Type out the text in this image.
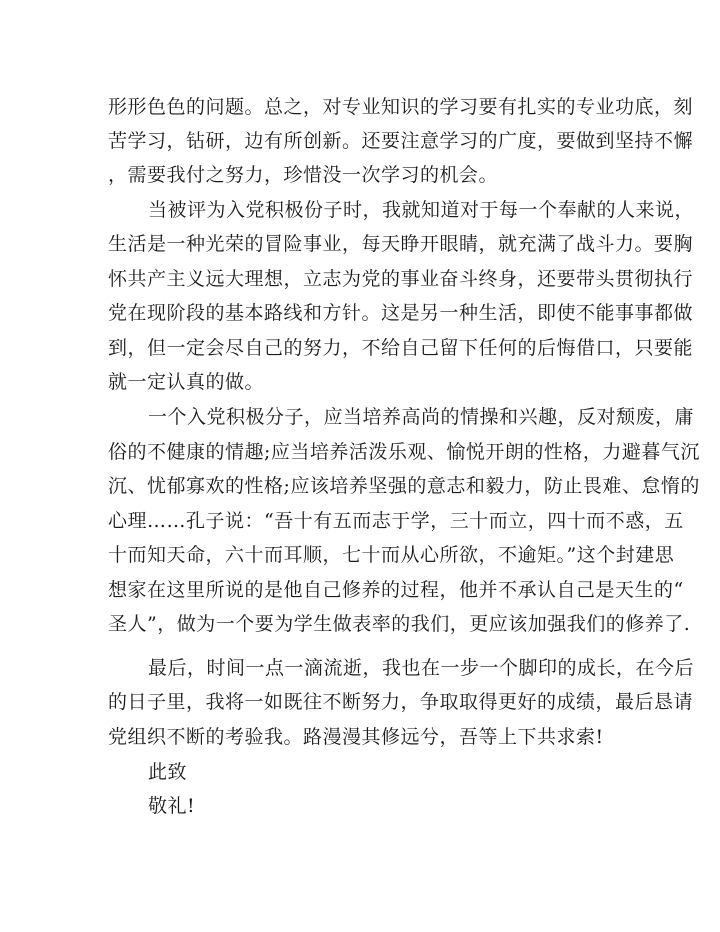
形形色色的问题。总之，对专业知识的学习要有扎实的专业功底，刻
苦学习，钻研，边有所创新。还要注意学习的广度，要做到坚持不懈
，需要我付之努力，珍惜没一次学习的机会。
当被评为入党积极份子时，我就知道对于每一个奉献的人来说，
生活是一种光荣的冒险事业，每天睁开眼睛，就充满了战斗力。要胸
怀共产主义远大理想，立志为党的事业奋斗终身，还要带头贯彻执行
党在现阶段的基本路线和方针。这是另一种生活，即使不能事事都做
到，但一定会尽自己的努力，不给自己留下任何的后悔借口，只要能
就一定认真的做。
一个入党积极分子，应当培养高尚的情操和兴趣，反对颓废，庸
俗的不健康的情趣;应当培养活泼乐观、愉悦开朗的性格，力避暮气沉
沉、忧郁寡欢的性格;应该培养坚强的意志和毅力，防止畏难、怠惰的
心理……孔子说：“吾十有五而志于学，三十而立，四十而不惑，五
十而知天命，六十而耳顺，七十而从心所欲，不逾矩。”这个封建思
想家在这里所说的是他自己修养的过程，他并不承认自己是天生的“
圣人”，做为一个要为学生做表率的我们，更应该加强我们的修养了.
最后，时间一点一滴流逝，我也在一步一个脚印的成长，在今后
的日子里，我将一如既往不断努力，争取取得更好的成绩，最后恳请
党组织不断的考验我。路漫漫其修远兮，吾等上下共求索!
此致
敬礼!
